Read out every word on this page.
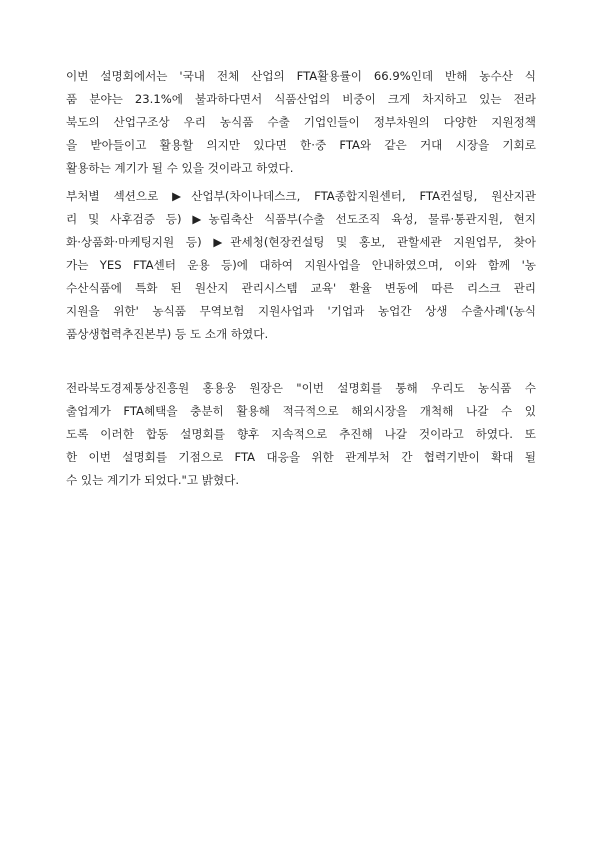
이번 설명회에서는 '국내 전체 산업의 FTA활용률이 66.9%인데 반해 농수산 식
품 분야는 23.1%에 불과하다면서 식품산업의 비중이 크게 차지하고 있는 전라
북도의 산업구조상 우리 농식품 수출 기업인들이 정부차원의 다양한 지원정책
을 받아들이고 활용할 의지만 있다면 한·중 FTA와 같은 거대 시장을 기회로
활용하는 계기가 될 수 있을 것이라고 하였다.
부처별 섹션으로 ▶산업부(차이나데스크, FTA종합지원센터, FTA컨설팅, 원산지관
리 및 사후검증 등) ▶농림축산 식품부(수출 선도조직 육성, 물류·통관지원, 현지
화·상품화·마케팅지원 등) ▶관세청(현장컨설팅 및 홍보, 관할세관 지원업무, 찾아
가는 YES FTA센터 운용 등)에 대하여 지원사업을 안내하였으며, 이와 함께 '농
수산식품에 특화 된 원산지 관리시스템 교육' 환율 변동에 따른 리스크 관리
지원을 위한' 농식품 무역보험 지원사업과 '기업과 농업간 상생 수출사례'(농식
품상생협력추진본부) 등 도 소개 하였다.
전라북도경제통상진흥원 홍용웅 원장은 "이번 설명회를 통해 우리도 농식품 수
출업계가 FTA혜택을 충분히 활용해 적극적으로 해외시장을 개척해 나갈 수 있
도록 이러한 합동 설명회를 향후 지속적으로 추진해 나갈 것이라고 하였다. 또
한 이번 설명회를 기점으로 FTA 대응을 위한 관계부처 간 협력기반이 확대 될
수 있는 계기가 되었다."고 밝혔다.
